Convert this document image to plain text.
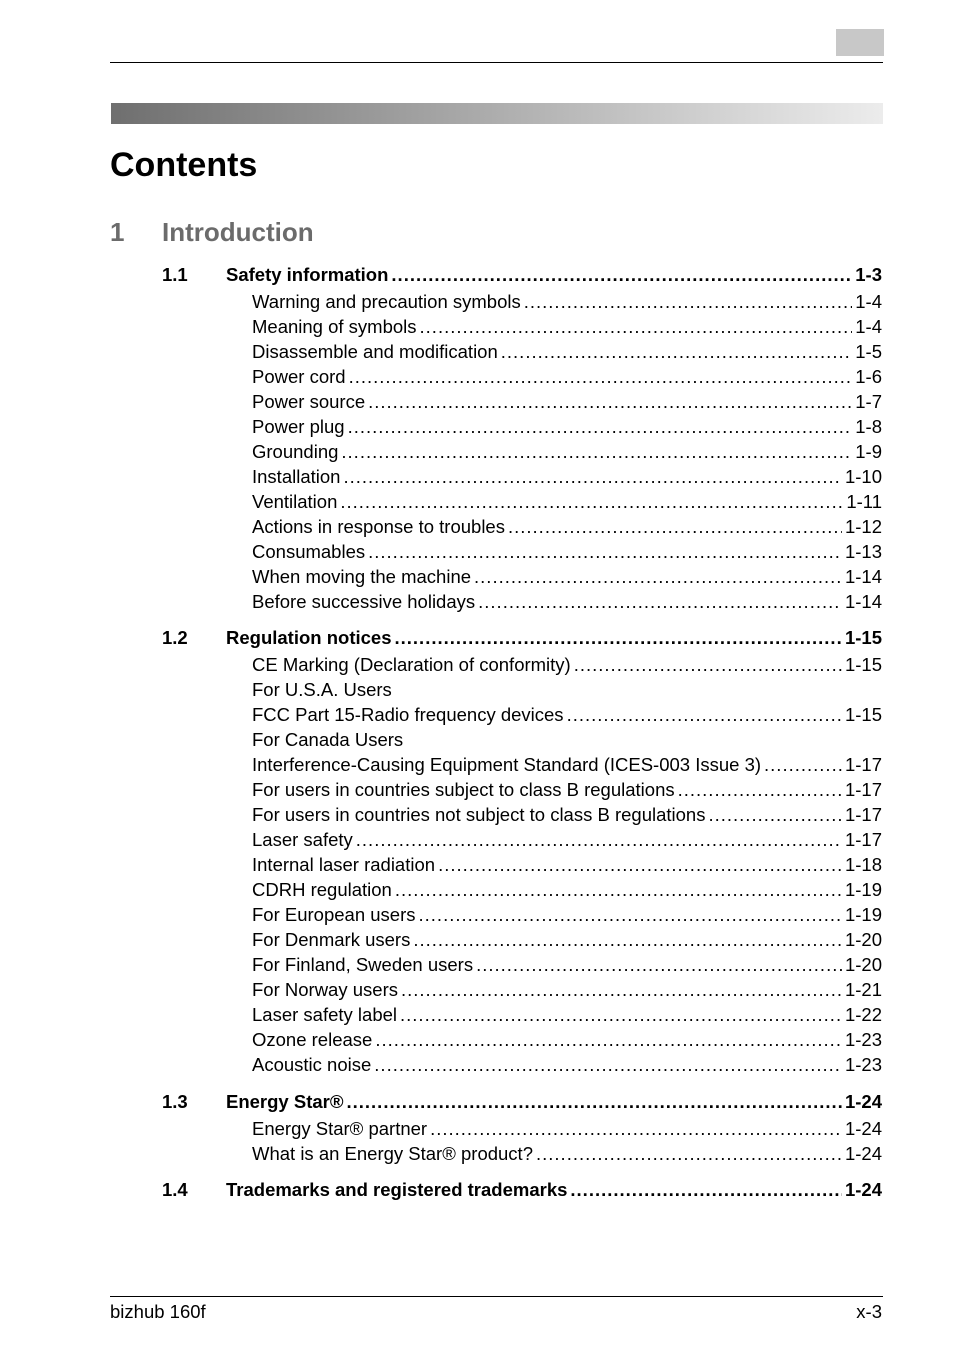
Contents
1 Introduction
1.1 Safety information .....	1-3
Warning and precaution symbols .....	1-4
Meaning of symbols .....	1-4
Disassemble and modification .....	1-5
Power cord .....	1-6
Power source .....	1-7
Power plug .....	1-8
Grounding .....	1-9
Installation .....	1-10
Ventilation .....	1-11
Actions in response to troubles .....	1-12
Consumables .....	1-13
When moving the machine .....	1-14
Before successive holidays .....	1-14
1.2 Regulation notices .....	1-15
CE Marking (Declaration of conformity) .....	1-15
For U.S.A. Users
FCC Part 15-Radio frequency devices .....	1-15
For Canada Users
Interference-Causing Equipment Standard (ICES-003 Issue 3) .....	1-17
For users in countries subject to class B regulations .....	1-17
For users in countries not subject to class B regulations .....	1-17
Laser safety .....	1-17
Internal laser radiation .....	1-18
CDRH regulation .....	1-19
For European users .....	1-19
For Denmark users .....	1-20
For Finland, Sweden users .....	1-20
For Norway users .....	1-21
Laser safety label .....	1-22
Ozone release .....	1-23
Acoustic noise .....	1-23
1.3 Energy Star® .....	1-24
Energy Star® partner .....	1-24
What is an Energy Star® product? .....	1-24
1.4 Trademarks and registered trademarks .....	1-24
bizhub 160f	x-3
